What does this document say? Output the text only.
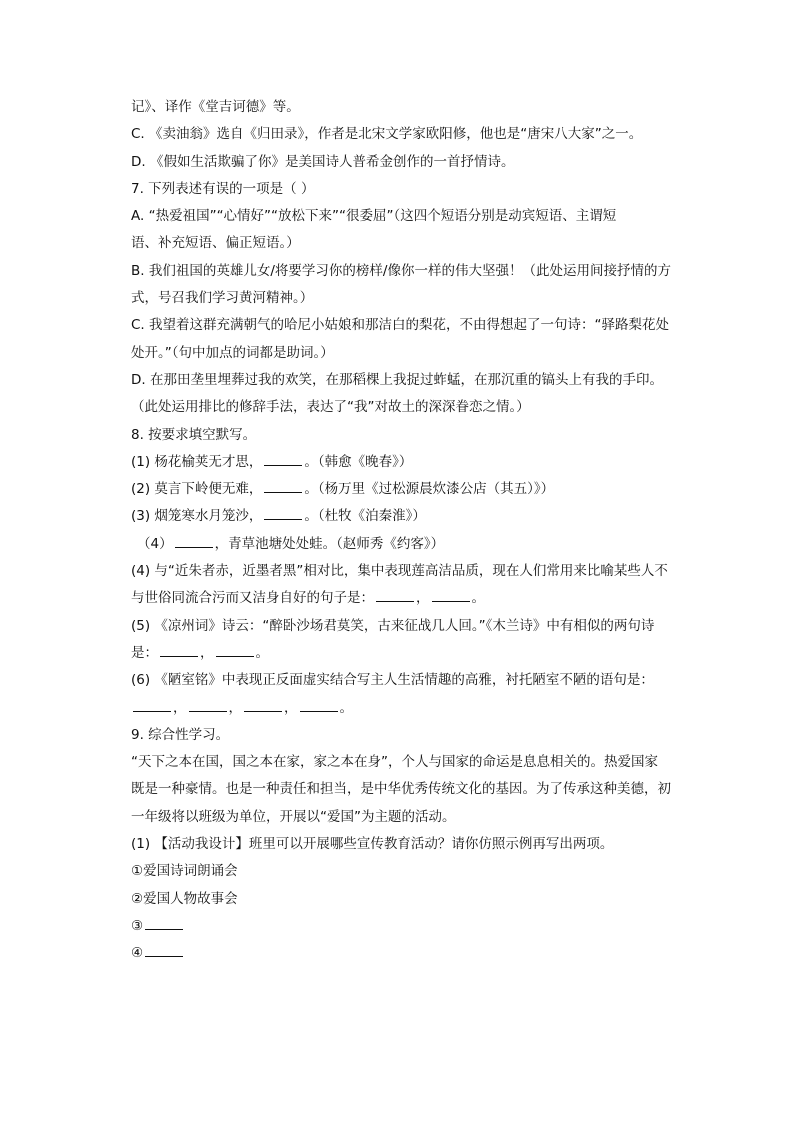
记》、译作《堂吉诃德》等。
C. 《卖油翁》选自《归田录》，作者是北宋文学家欧阳修，他也是“唐宋八大家”之一。
D. 《假如生活欺骗了你》是美国诗人普希金创作的一首抒情诗。
7. 下列表述有误的一项是（ ）
A. “热爱祖国”“心情好”“放松下来”“很委屈”（这四个短语分别是动宾短语、主谓短
语、补充短语、偏正短语。）
B. 我们祖国的英雄儿女/将要学习你的榜样/像你一样的伟大坚强！（此处运用间接抒情的方
式，号召我们学习黄河精神。）
C. 我望着这群充满朝气的哈尼小姑娘和那洁白的梨花，不由得想起了一句诗：“驿路梨花处
处开。”（句中加点的词都是助词。）
D. 在那田垄里埋葬过我的欢笑，在那稻棵上我捉过蚱蜢，在那沉重的镐头上有我的手印。
（此处运用排比的修辞手法，表达了“我”对故土的深深眷恋之情。）
8. 按要求填空默写。
(1) 杨花榆荚无才思，	。（韩愈《晚春》）
(2) 莫言下岭便无难，	。（杨万里《过松源晨炊漆公店（其五）》）
(3) 烟笼寒水月笼沙，	。（杜牧《泊秦淮》）
（4）	，青草池塘处处蛙。（赵师秀《约客》）
(4) 与“近朱者赤，近墨者黑”相对比，集中表现莲高洁品质，现在人们常用来比喻某些人不
与世俗同流合污而又洁身自好的句子是：	，	。
(5) 《凉州词》诗云：“醉卧沙场君莫笑，古来征战几人回。”《木兰诗》中有相似的两句诗
是：	，	。
(6) 《陋室铭》中表现正反面虚实结合写主人生活情趣的高雅，衬托陋室不陋的语句是：
，	，	，	。
9. 综合性学习。
“天下之本在国，国之本在家，家之本在身”，个人与国家的命运是息息相关的。热爱国家
既是一种豪情。也是一种责任和担当，是中华优秀传统文化的基因。为了传承这种美德，初
一年级将以班级为单位，开展以“爱国”为主题的活动。
(1) 【活动我设计】班里可以开展哪些宣传教育活动？请你仿照示例再写出两项。
①爱国诗词朗诵会
②爱国人物故事会
③
④
